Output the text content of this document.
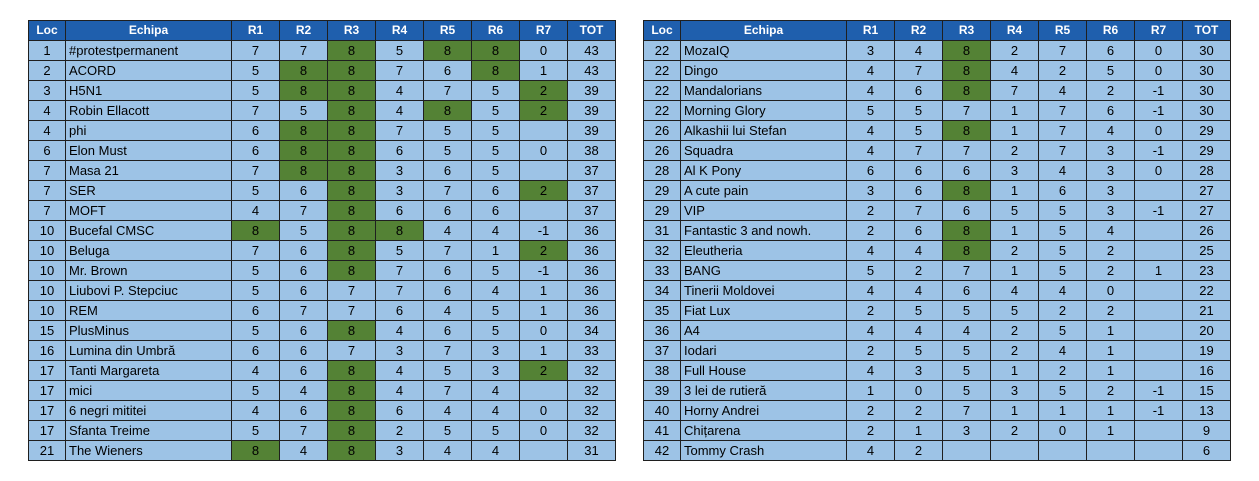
Loc	Echipa	R1	R2	R3	R4	R5	R6	R7	TOT
1	#protestpermanent	7	7	8	5	8	8	0	43
2	ACORD	5	8	8	7	6	8	1	43
3	H5N1	5	8	8	4	7	5	2	39
4	Robin Ellacott	7	5	8	4	8	5	2	39
4	phi	6	8	8	7	5	5		39
6	Elon Must	6	8	8	6	5	5	0	38
7	Masa 21	7	8	8	3	6	5		37
7	SER	5	6	8	3	7	6	2	37
7	MOFT	4	7	8	6	6	6		37
10	Bucefal CMSC	8	5	8	8	4	4	-1	36
10	Beluga	7	6	8	5	7	1	2	36
10	Mr. Brown	5	6	8	7	6	5	-1	36
10	Liubovi P. Stepciuc	5	6	7	7	6	4	1	36
10	REM	6	7	7	6	4	5	1	36
15	PlusMinus	5	6	8	4	6	5	0	34
16	Lumina din Umbră	6	6	7	3	7	3	1	33
17	Tanti Margareta	4	6	8	4	5	3	2	32
17	mici	5	4	8	4	7	4		32
17	6 negri mititei	4	6	8	6	4	4	0	32
17	Sfanta Treime	5	7	8	2	5	5	0	32
21	The Wieners	8	4	8	3	4	4		31
Loc	Echipa	R1	R2	R3	R4	R5	R6	R7	TOT
22	MozaIQ	3	4	8	2	7	6	0	30
22	Dingo	4	7	8	4	2	5	0	30
22	Mandalorians	4	6	8	7	4	2	-1	30
22	Morning Glory	5	5	7	1	7	6	-1	30
26	Alkashii lui Stefan	4	5	8	1	7	4	0	29
26	Squadra	4	7	7	2	7	3	-1	29
28	Al K Pony	6	6	6	3	4	3	0	28
29	A cute pain	3	6	8	1	6	3		27
29	VIP	2	7	6	5	5	3	-1	27
31	Fantastic 3 and nowh.	2	6	8	1	5	4		26
32	Eleutheria	4	4	8	2	5	2		25
33	BANG	5	2	7	1	5	2	1	23
34	Tinerii Moldovei	4	4	6	4	4	0		22
35	Fiat Lux	2	5	5	5	2	2		21
36	A4	4	4	4	2	5	1		20
37	Iodari	2	5	5	2	4	1		19
38	Full House	4	3	5	1	2	1		16
39	3 lei de rutieră	1	0	5	3	5	2	-1	15
40	Horny Andrei	2	2	7	1	1	1	-1	13
41	Chițarena	2	1	3	2	0	1		9
42	Tommy Crash	4	2						6
